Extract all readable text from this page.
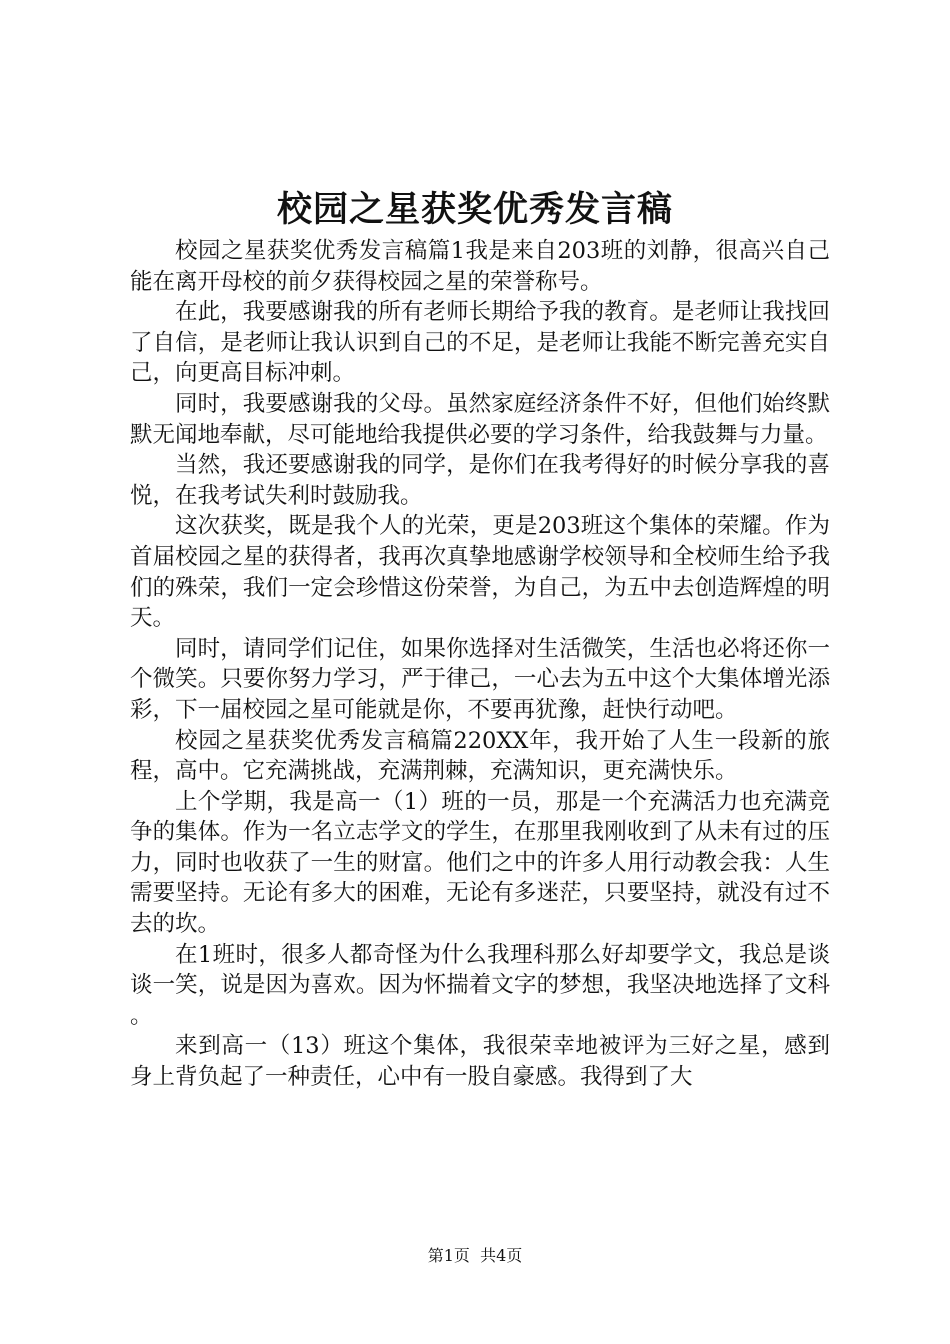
校园之星获奖优秀发言稿

校园之星获奖优秀发言稿篇1我是来自203班的刘静，很高兴自己能在离开母校的前夕获得校园之星的荣誉称号。

在此，我要感谢我的所有老师长期给予我的教育。是老师让我找回了自信，是老师让我认识到自己的不足，是老师让我能不断完善充实自己，向更高目标冲刺。

同时，我要感谢我的父母。虽然家庭经济条件不好，但他们始终默默无闻地奉献，尽可能地给我提供必要的学习条件，给我鼓舞与力量。

当然，我还要感谢我的同学，是你们在我考得好的时候分享我的喜悦，在我考试失利时鼓励我。

这次获奖，既是我个人的光荣，更是203班这个集体的荣耀。作为首届校园之星的获得者，我再次真挚地感谢学校领导和全校师生给予我们的殊荣，我们一定会珍惜这份荣誉，为自己，为五中去创造辉煌的明天。

同时，请同学们记住，如果你选择对生活微笑，生活也必将还你一个微笑。只要你努力学习，严于律己，一心去为五中这个大集体增光添彩，下一届校园之星可能就是你，不要再犹豫，赶快行动吧。

校园之星获奖优秀发言稿篇220XX年，我开始了人生一段新的旅程，高中。它充满挑战，充满荆棘，充满知识，更充满快乐。

上个学期，我是高一（1）班的一员，那是一个充满活力也充满竞争的集体。作为一名立志学文的学生，在那里我刚收到了从未有过的压力，同时也收获了一生的财富。他们之中的许多人用行动教会我：人生需要坚持。无论有多大的困难，无论有多迷茫，只要坚持，就没有过不去的坎。

在1班时，很多人都奇怪为什么我理科那么好却要学文，我总是谈谈一笑，说是因为喜欢。因为怀揣着文字的梦想，我坚决地选择了文科。

来到高一（13）班这个集体，我很荣幸地被评为三好之星，感到身上背负起了一种责任，心中有一股自豪感。我得到了大

第1页 共4页
